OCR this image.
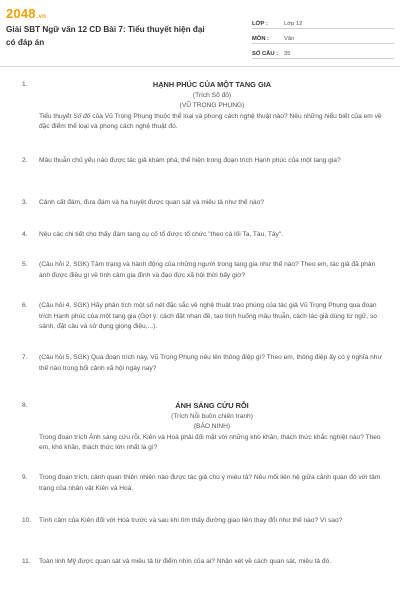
2048.vn
Giải SBT Ngữ văn 12 CD Bài 7: Tiểu thuyết hiện đại có đáp án
LỚP :	Lớp 12
MÔN :	Văn
SỐ CÂU :	35
1.	HẠNH PHÚC CỦA MỘT TANG GIA
(Trích Số đỏ)
(VŨ TRỌNG PHỤNG)
Tiểu thuyết Số đỏ của Vũ Trọng Phụng thuộc thể loại và phong cách nghệ thuật nào? Nêu những hiểu biết của em về đặc điểm thể loại và phong cách nghệ thuật đó.
2. Mâu thuẫn chủ yếu nào được tác giả khám phá, thể hiện trong đoạn trích Hạnh phúc của một tang gia?
3. Cảnh cất đám, đưa đám và hạ huyệt được quan sát và miêu tả như thế nào?
4. Nêu các chi tiết cho thấy đám tang cụ cố tổ được tổ chức "theo cả lối Ta, Tàu, Tây".
5. (Câu hỏi 2, SGK) Tâm trạng và hành động của những người trong tang gia như thế nào? Theo em, tác giả đã phản ánh được điều gì về tình cảm gia đình và đạo đức xã hội thời bấy giờ?
6. (Câu hỏi 4, SGK) Hãy phân tích một số nét đặc sắc về nghệ thuật trào phúng của tác giả Vũ Trọng Phụng qua đoạn trích Hạnh phúc của một tang gia (Gợi ý: cách đặt nhan đề, tạo tình huống mâu thuẫn, cách tác giả dùng từ ngữ, so sánh, đặt câu và sử dụng giọng điệu,...).
7. (Câu hỏi 5, SGK) Qua đoạn trích này, Vũ Trọng Phụng nêu lên thông điệp gì? Theo em, thông điệp ấy có ý nghĩa như thế nào trong bối cảnh xã hội ngày nay?
8.	ÁNH SÁNG CỨU RỖI
(Trích Nỗi buồn chiến tranh)
(BẢO NINH)
Trong đoạn trích Ánh sáng cứu rỗi, Kiên và Hoà phải đối mặt với những khó khăn, thách thức khắc nghiệt nào? Theo em, khó khăn, thách thức lớn nhất là gì?
9. Trong đoạn trích, cảnh quan thiên nhiên nào được tác giả chú ý miêu tả? Nêu mối liên hệ giữa cảnh quan đó với tâm trạng của nhân vật Kiên và Hoà.
10. Tình cảm của Kiên đối với Hoà trước và sau khi tìm thấy đường giao liên thay đổi như thế nào? Vì sao?
11. Toàn linh Mỹ được quan sát và miêu tả từ điểm nhìn của ai? Nhận xét về cách quan sát, miêu tả đó.
